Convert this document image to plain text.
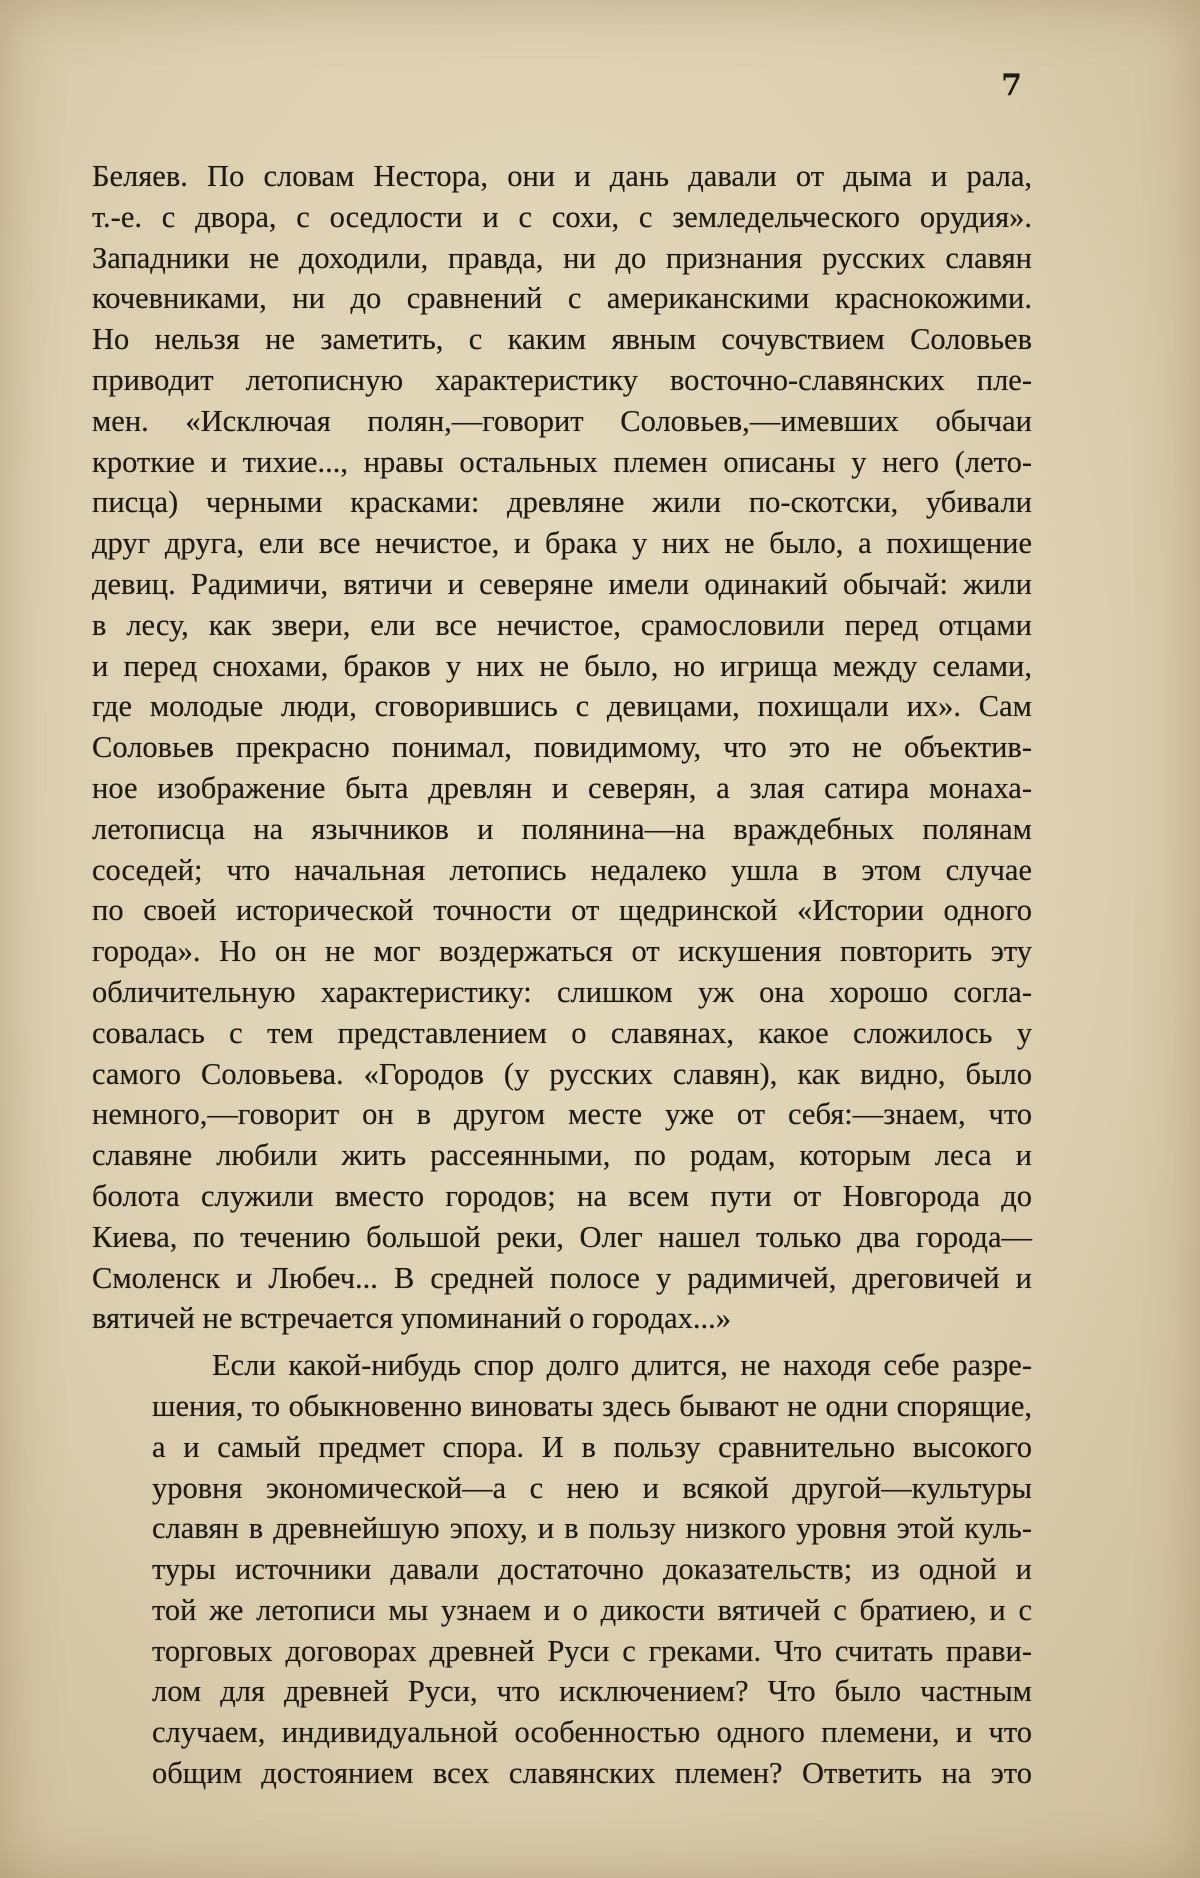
7
Беляев. По словам Нестора, они и дань давали от дыма и рала,
т.-е. с двора, с оседлости и с сохи, с земледельческого орудия».
Западники не доходили, правда, ни до признания русских славян
кочевниками, ни до сравнений с американскими краснокожими.
Но нельзя не заметить, с каким явным сочувствием Соловьев
приводит летописную характеристику восточно-славянских пле-
мен. «Исключая полян,—говорит Соловьев,—имевших обычаи
кроткие и тихие..., нравы остальных племен описаны у него (лето-
писца) черными красками: древляне жили по-скотски, убивали
друг друга, ели все нечистое, и брака у них не было, а похищение
девиц. Радимичи, вятичи и северяне имели одинакий обычай: жили
в лесу, как звери, ели все нечистое, срамословили перед отцами
и перед снохами, браков у них не было, но игрища между селами,
где молодые люди, сговорившись с девицами, похищали их». Сам
Соловьев прекрасно понимал, повидимому, что это не объектив-
ное изображение быта древлян и северян, а злая сатира монаха-
летописца на язычников и полянина—на враждебных полянам
соседей; что начальная летопись недалеко ушла в этом случае
по своей исторической точности от щедринской «Истории одного
города». Но он не мог воздержаться от искушения повторить эту
обличительную характеристику: слишком уж она хорошо согла-
совалась с тем представлением о славянах, какое сложилось у
самого Соловьева. «Городов (у русских славян), как видно, было
немного,—говорит он в другом месте уже от себя:—знаем, что
славяне любили жить рассеянными, по родам, которым леса и
болота служили вместо городов; на всем пути от Новгорода до
Киева, по течению большой реки, Олег нашел только два города—
Смоленск и Любеч... В средней полосе у радимичей, дреговичей и
вятичей не встречается упоминаний о городах...»
Если какой-нибудь спор долго длится, не находя себе разре-
шения, то обыкновенно виноваты здесь бывают не одни спорящие,
а и самый предмет спора. И в пользу сравнительно высокого
уровня экономической—а с нею и всякой другой—культуры
славян в древнейшую эпоху, и в пользу низкого уровня этой куль-
туры источники давали достаточно доказательств; из одной и
той же летописи мы узнаем и о дикости вятичей с братиею, и с
торговых договорах древней Руси с греками. Что считать прави-
лом для древней Руси, что исключением? Что было частным
случаем, индивидуальной особенностью одного племени, и что
общим достоянием всех славянских племен? Ответить на это
